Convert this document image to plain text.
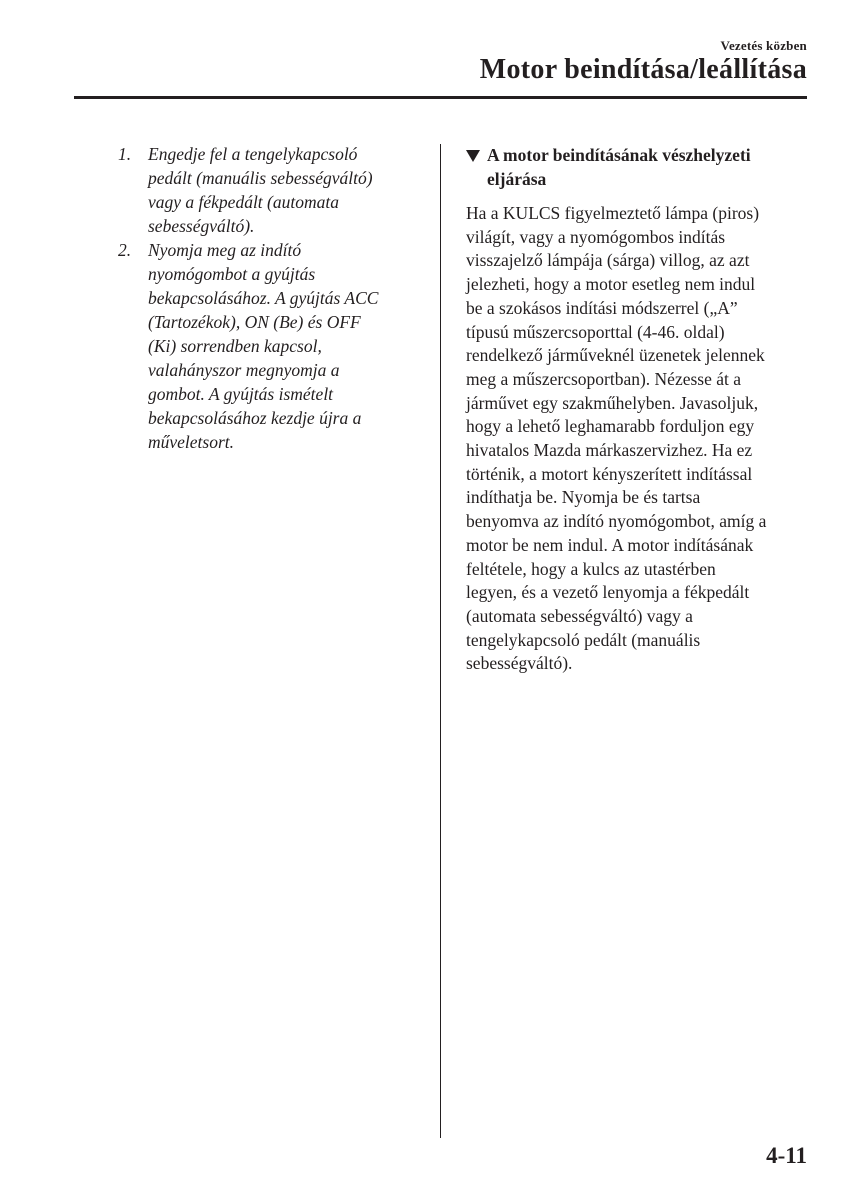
Vezetés közben
Motor beindítása/leállítása
1. Engedje fel a tengelykapcsoló
pedált (manuális sebességváltó)
vagy a fékpedált (automata
sebességváltó).
2. Nyomja meg az indító
nyomógombot a gyújtás
bekapcsolásához. A gyújtás ACC
(Tartozékok), ON (Be) és OFF
(Ki) sorrendben kapcsol,
valahányszor megnyomja a
gombot. A gyújtás ismételt
bekapcsolásához kezdje újra a
műveletsort.
A motor beindításának vészhelyzeti
eljárása
Ha a KULCS figyelmeztető lámpa (piros)
világít, vagy a nyomógombos indítás
visszajelző lámpája (sárga) villog, az azt
jelezheti, hogy a motor esetleg nem indul
be a szokásos indítási módszerrel („A”
típusú műszercsoporttal (4-46. oldal)
rendelkező járműveknél üzenetek jelennek
meg a műszercsoportban). Nézesse át a
járművet egy szakműhelyben. Javasoljuk,
hogy a lehető leghamarabb forduljon egy
hivatalos Mazda márkaszervizhez. Ha ez
történik, a motort kényszerített indítással
indíthatja be. Nyomja be és tartsa
benyomva az indító nyomógombot, amíg a
motor be nem indul. A motor indításának
feltétele, hogy a kulcs az utastérben
legyen, és a vezető lenyomja a fékpedált
(automata sebességváltó) vagy a
tengelykapcsoló pedált (manuális
sebességváltó).
4-11
